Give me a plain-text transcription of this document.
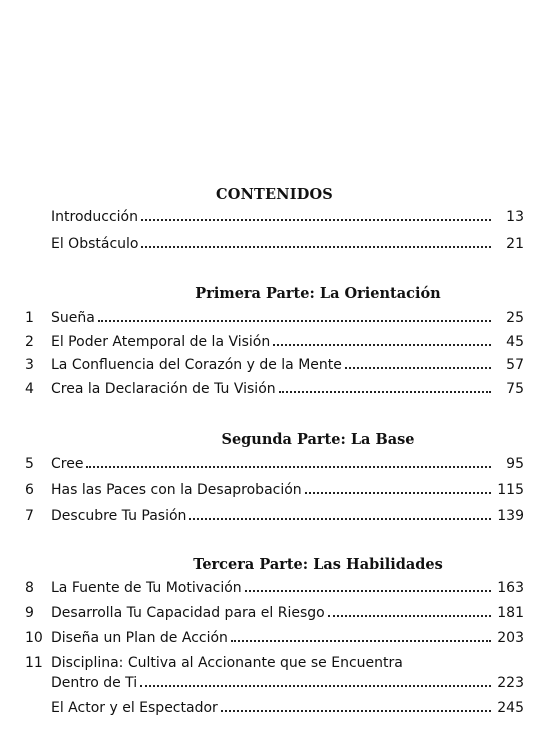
CONTENIDOS
Introducción	13
El Obstáculo	21
Primera Parte: La Orientación
1 Sueña	25
2 El Poder Atemporal de la Visión	45
3 La Confluencia del Corazón y de la Mente	57
4 Crea la Declaración de Tu Visión	75
Segunda Parte: La Base
5 Cree	95
6 Has las Paces con la Desaprobación	115
7 Descubre Tu Pasión	139
Tercera Parte: Las Habilidades
8 La Fuente de Tu Motivación	163
9 Desarrolla Tu Capacidad para el Riesgo	181
10 Diseña un Plan de Acción	203
11 Disciplina: Cultiva al Accionante que se Encuentra
Dentro de Ti	223
El Actor y el Espectador	245
